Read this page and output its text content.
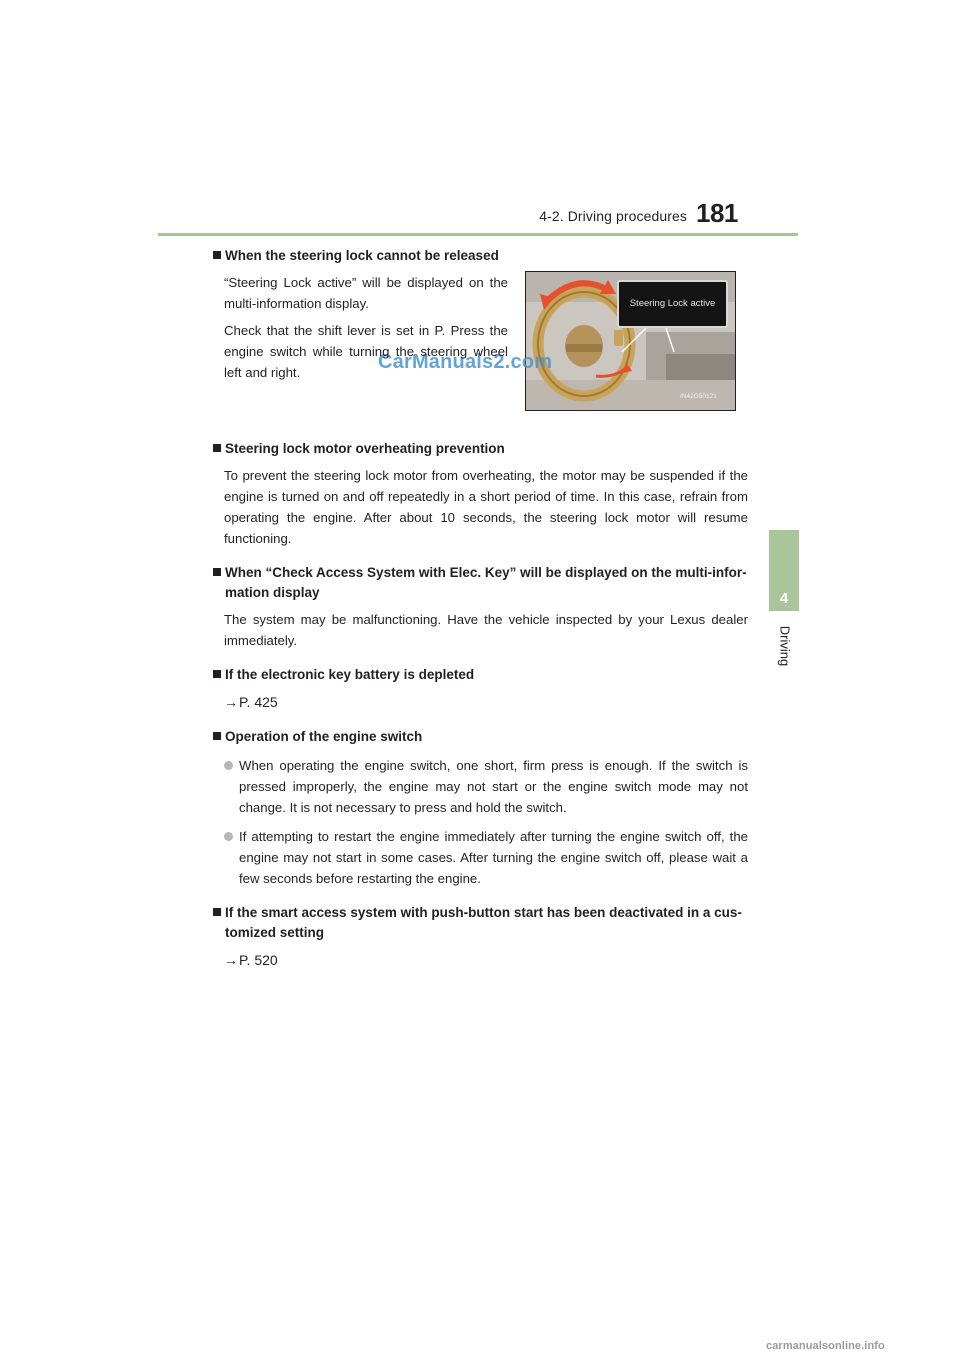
4-2. Driving procedures 181
4
Driving
Steering Lock active
IN42G50121
CarManuals2.com
When the steering lock cannot be released
“Steering Lock active” will be displayed on the multi-information display.
Check that the shift lever is set in P. Press the engine switch while turning the steering wheel left and right.
Steering lock motor overheating prevention
To prevent the steering lock motor from overheating, the motor may be suspended if the engine is turned on and off repeatedly in a short period of time. In this case, refrain from operating the engine. After about 10 seconds, the steering lock motor will resume functioning.
When “Check Access System with Elec. Key” will be displayed on the multi-infor-mation display
The system may be malfunctioning. Have the vehicle inspected by your Lexus dealer immediately.
If the electronic key battery is depleted
→P. 425
Operation of the engine switch
When operating the engine switch, one short, firm press is enough. If the switch is pressed improperly, the engine may not start or the engine switch mode may not change. It is not necessary to press and hold the switch.
If attempting to restart the engine immediately after turning the engine switch off, the engine may not start in some cases. After turning the engine switch off, please wait a few seconds before restarting the engine.
If the smart access system with push-button start has been deactivated in a cus-tomized setting
→P. 520
carmanualsonline.info
